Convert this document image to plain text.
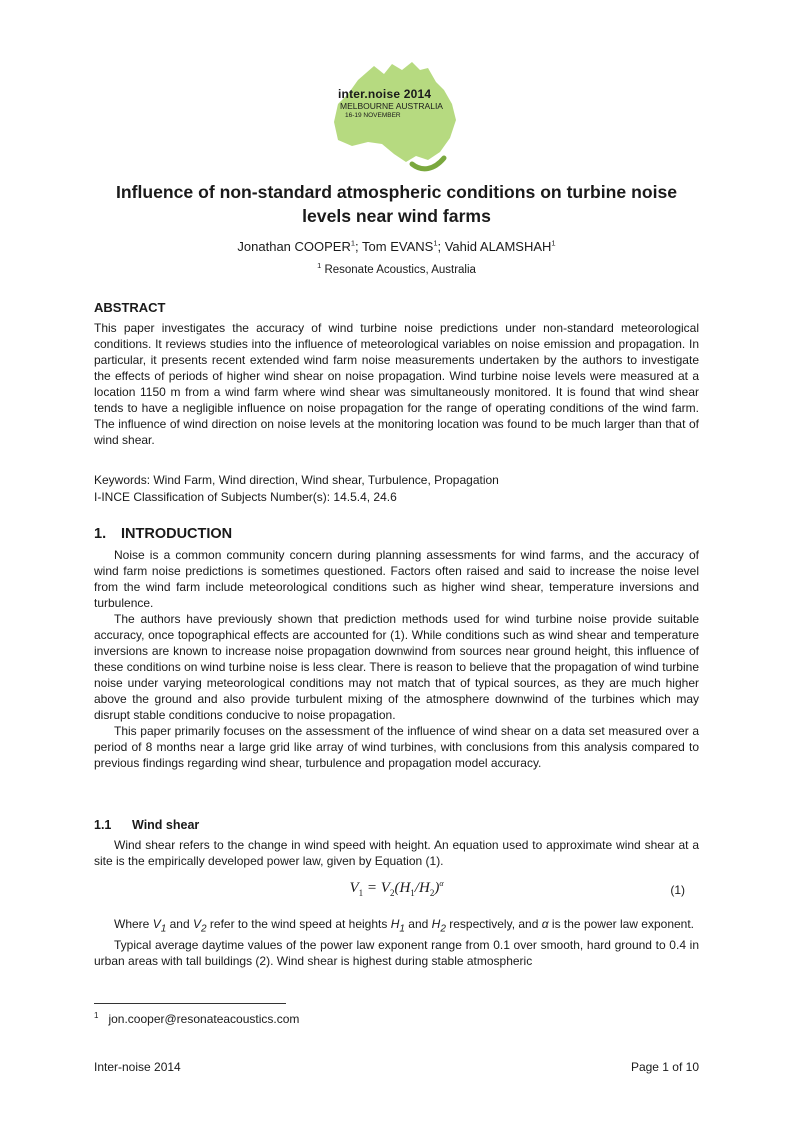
inter.noise 2014
MELBOURNE AUSTRALIA
16-19 NOVEMBER
Influence of non-standard atmospheric conditions on turbine noise levels near wind farms
Jonathan COOPER$^1$; Tom EVANS$^1$; Vahid ALAMSHAH$^1$
$^1$ Resonate Acoustics, Australia
ABSTRACT

This paper investigates the accuracy of wind turbine noise predictions under non-standard meteorological conditions. It reviews studies into the influence of meteorological variables on noise emission and propagation. In particular, it presents recent extended wind farm noise measurements undertaken by the authors to investigate the effects of periods of higher wind shear on noise propagation. Wind turbine noise levels were measured at a location 1150 m from a wind farm where wind shear was simultaneously monitored. It is found that wind shear tends to have a negligible influence on noise propagation for the range of operating conditions of the wind farm. The influence of wind direction on noise levels at the monitoring location was found to be much larger than that of wind shear.

Keywords: Wind Farm, Wind direction, Wind shear, Turbulence, Propagation
I-INCE Classification of Subjects Number(s): 14.5.4, 24.6
1. INTRODUCTION

Noise is a common community concern during planning assessments for wind farms, and the accuracy of wind farm noise predictions is sometimes questioned. Factors often raised and said to increase the noise level from the wind farm include meteorological conditions such as higher wind shear, temperature inversions and turbulence.

The authors have previously shown that prediction methods used for wind turbine noise provide suitable accuracy, once topographical effects are accounted for (1). While conditions such as wind shear and temperature inversions are known to increase noise propagation downwind from sources near ground height, this influence of these conditions on wind turbine noise is less clear. There is reason to believe that the propagation of wind turbine noise under varying meteorological conditions may not match that of typical sources, as they are much higher above the ground and also provide turbulent mixing of the atmosphere downwind of the turbines which may disrupt stable conditions conducive to noise propagation.

This paper primarily focuses on the assessment of the influence of wind shear on a data set measured over a period of 8 months near a large grid like array of wind turbines, with conclusions from this analysis compared to previous findings regarding wind shear, turbulence and propagation model accuracy.

1.1 Wind shear

Wind shear refers to the change in wind speed with height. An equation used to approximate wind shear at a site is the empirically developed power law, given by Equation (1).

$V_1 = V_2(H_1/H_2)^\alpha$	(1)

Where $V_1$ and $V_2$ refer to the wind speed at heights $H_1$ and $H_2$ respectively, and α is the power law exponent.

Typical average daytime values of the power law exponent range from 0.1 over smooth, hard ground to 0.4 in urban areas with tall buildings (2). Wind shear is highest during stable atmospheric

$^1$ jon.cooper@resonateacoustics.com
Inter-noise 2014	Page 1 of 10
